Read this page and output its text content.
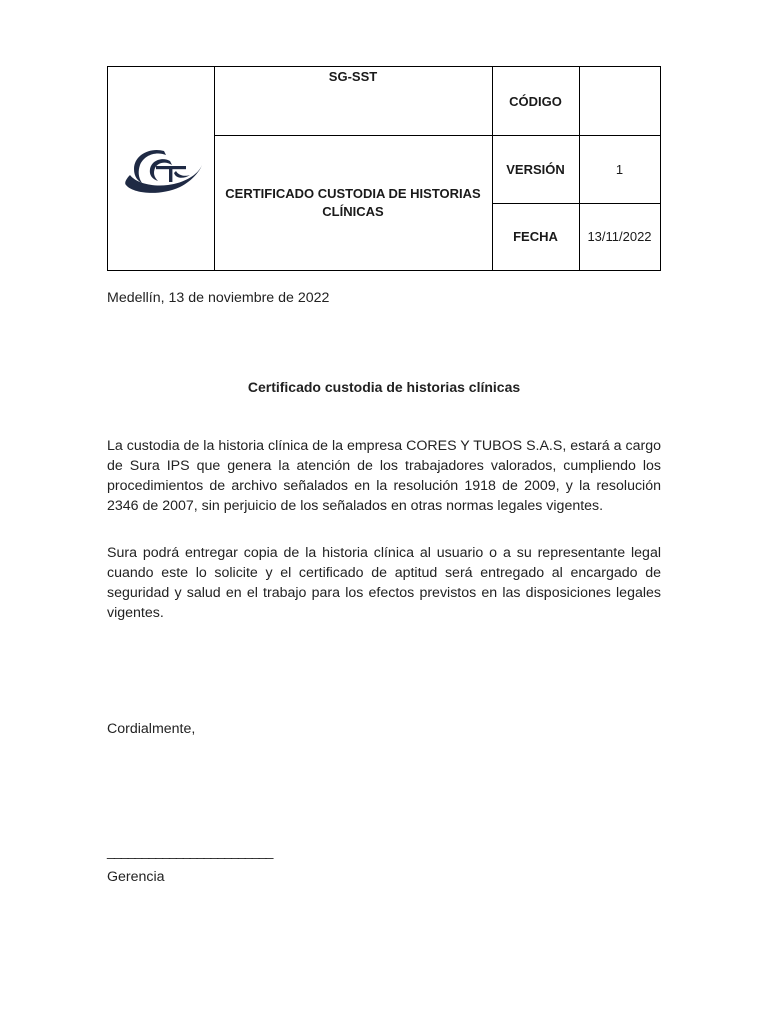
SG-SST
CERTIFICADO CUSTODIA DE HISTORIAS CLÍNICAS
CÓDIGO
VERSIÓN	1
FECHA	13/11/2022
Medellín, 13 de noviembre de 2022
Certificado custodia de historias clínicas
La custodia de la historia clínica de la empresa CORES Y TUBOS S.A.S, estará a cargo de Sura IPS que genera la atención de los trabajadores valorados, cumpliendo los procedimientos de archivo señalados en la resolución 1918 de 2009, y la resolución 2346 de 2007, sin perjuicio de los señalados en otras normas legales vigentes.
Sura podrá entregar copia de la historia clínica al usuario o a su representante legal cuando este lo solicite y el certificado de aptitud será entregado al encargado de seguridad y salud en el trabajo para los efectos previstos en las disposiciones legales vigentes.
Cordialmente,
________________________
Gerencia
